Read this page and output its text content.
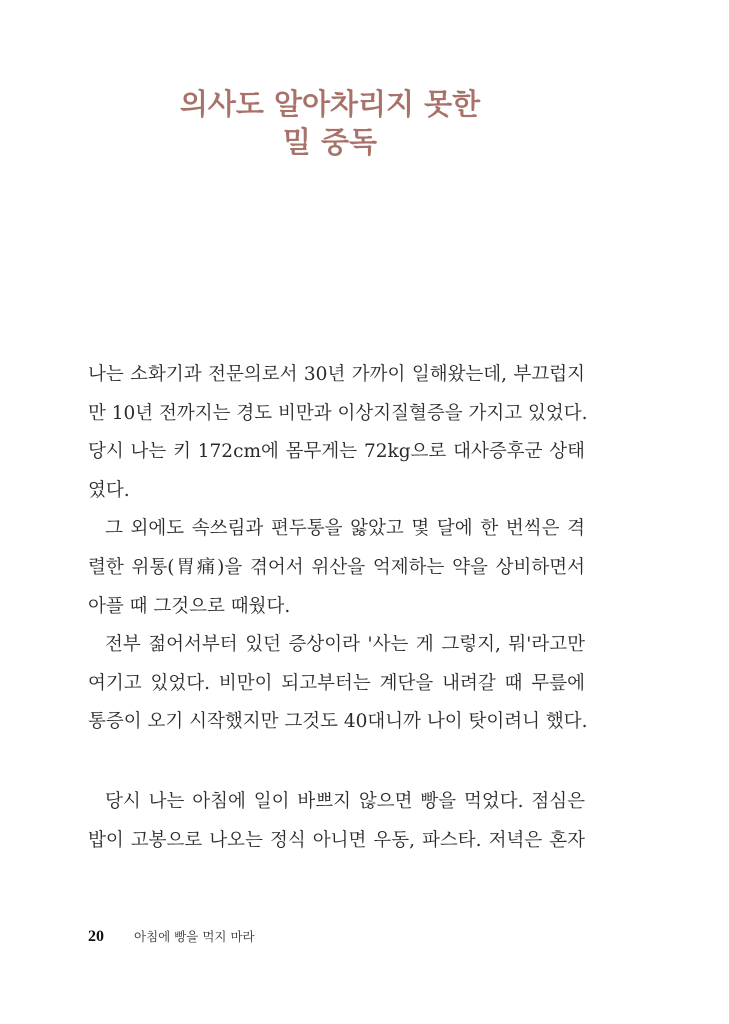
의사도 알아차리지 못한
밀 중독
나는 소화기과 전문의로서 30년 가까이 일해왔는데, 부끄럽지
만 10년 전까지는 경도 비만과 이상지질혈증을 가지고 있었다.
당시 나는 키 172cm에 몸무게는 72kg으로 대사증후군 상태
였다.
그 외에도 속쓰림과 편두통을 앓았고 몇 달에 한 번씩은 격
렬한 위통(胃痛)을 겪어서 위산을 억제하는 약을 상비하면서
아플 때 그것으로 때웠다.
전부 젊어서부터 있던 증상이라 '사는 게 그렇지, 뭐'라고만
여기고 있었다. 비만이 되고부터는 계단을 내려갈 때 무릎에
통증이 오기 시작했지만 그것도 40대니까 나이 탓이려니 했다.
당시 나는 아침에 일이 바쁘지 않으면 빵을 먹었다. 점심은
밥이 고봉으로 나오는 정식 아니면 우동, 파스타. 저녁은 혼자
20	아침에 빵을 먹지 마라
